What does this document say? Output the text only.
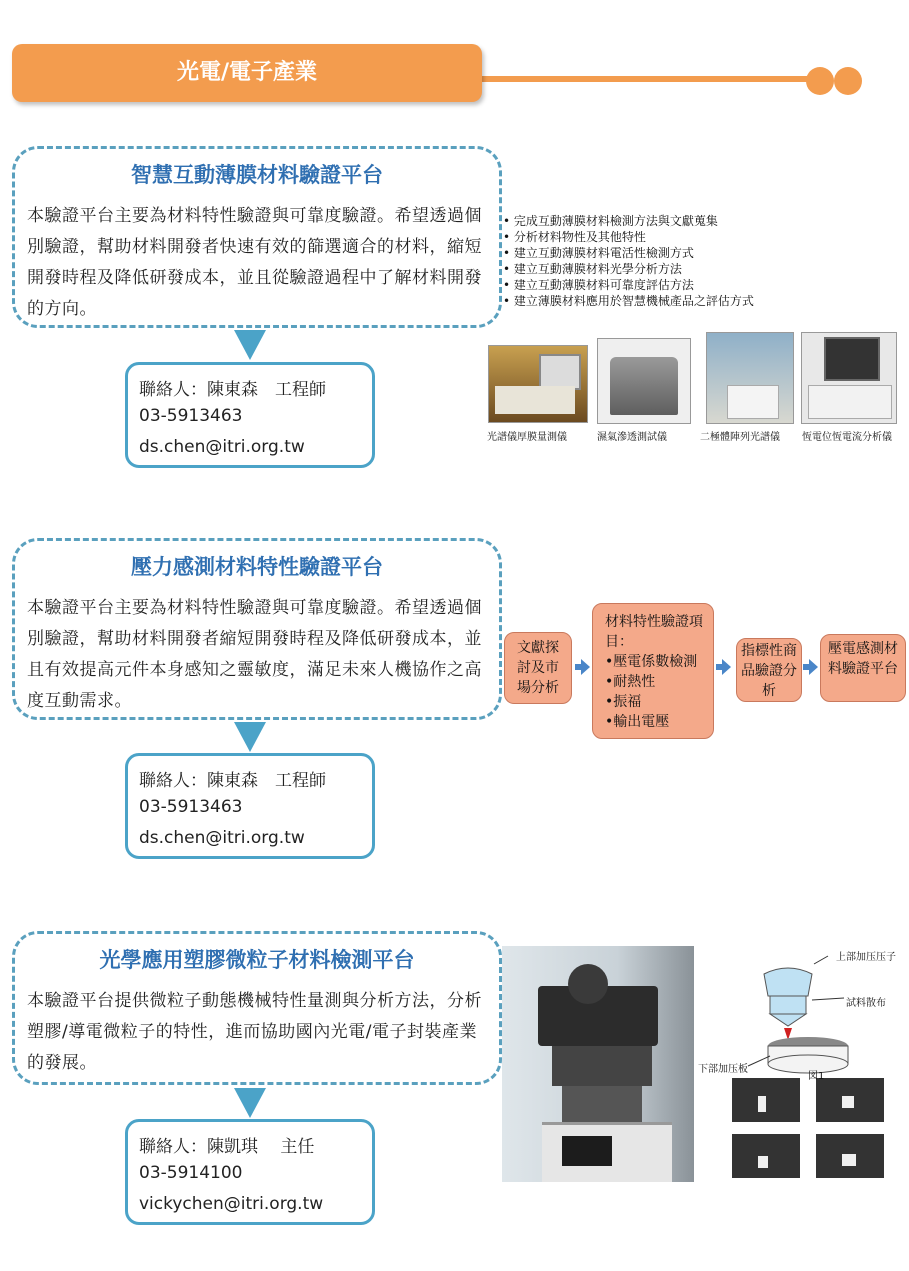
光電/電子產業
智慧互動薄膜材料驗證平台
本驗證平台主要為材料特性驗證與可靠度驗證。希望透過個別驗證，幫助材料開發者快速有效的篩選適合的材料，縮短開發時程及降低研發成本，並且從驗證過程中了解材料開發的方向。
聯絡人：陳東森　工程師
03-5913463
ds.chen@itri.org.tw
• 完成互動薄膜材料檢測方法與文獻蒐集
• 分析材料物性及其他特性
• 建立互動薄膜材料電活性檢測方式
• 建立互動薄膜材料光學分析方法
• 建立互動薄膜材料可靠度評估方法
• 建立薄膜材料應用於智慧機械產品之評估方式
光譜儀厚膜量測儀	濕氣滲透測試儀	二極體陣列光譜儀 恆電位恆電流分析儀
壓力感測材料特性驗證平台
本驗證平台主要為材料特性驗證與可靠度驗證。希望透過個別驗證，幫助材料開發者縮短開發時程及降低研發成本，並且有效提高元件本身感知之靈敏度，滿足未來人機協作之高度互動需求。
聯絡人：陳東森　工程師
03-5913463
ds.chen@itri.org.tw
文獻探討及市場分析
材料特性驗證項目：
•壓電係數檢測
•耐熱性
•振福
•輸出電壓
指標性商品驗證分析
壓電感測材料驗證平台
光學應用塑膠微粒子材料檢測平台
本驗證平台提供微粒子動態機械特性量測與分析方法，分析塑膠/導電微粒子的特性，進而協助國內光電/電子封裝產業的發展。
聯絡人：陳凱琪　 主任
03-5914100
vickychen@itri.org.tw
上部加压压子
試料散布
下部加压板
図1
